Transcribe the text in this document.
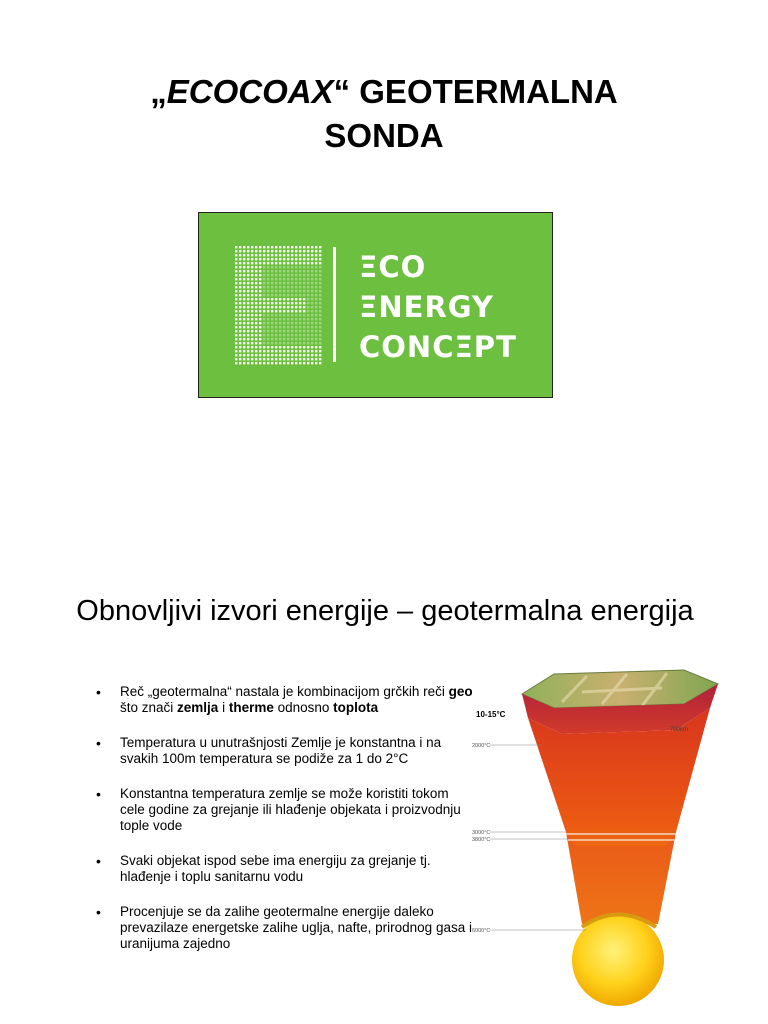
„ECOCOAX“ GEOTERMALNA
SONDA
ΞCO
ΞNERGY
CONCΞPT
Obnovljivi izvori energije – geotermalna energija
• Reč „geotermalna“ nastala je kombinacijom grčkih reči geo što znači zemlja i therme odnosno toplota
• Temperatura u unutrašnjosti Zemlje je konstantna i na svakih 100m temperatura se podiže za 1 do 2°C
• Konstantna temperatura zemlje se može koristiti tokom cele godine za grejanje ili hlađenje objekata i proizvodnju tople vode
• Svaki objekat ispod sebe ima energiju za grejanje tj. hlađenje i toplu sanitarnu vodu
• Procenjuje se da zalihe geotermalne energije daleko prevazilaze energetske zalihe uglja, nafte, prirodnog gasa i uranijuma zajedno
10-15°C
700km
2000°C
3000°C
3800°C
6000°C
